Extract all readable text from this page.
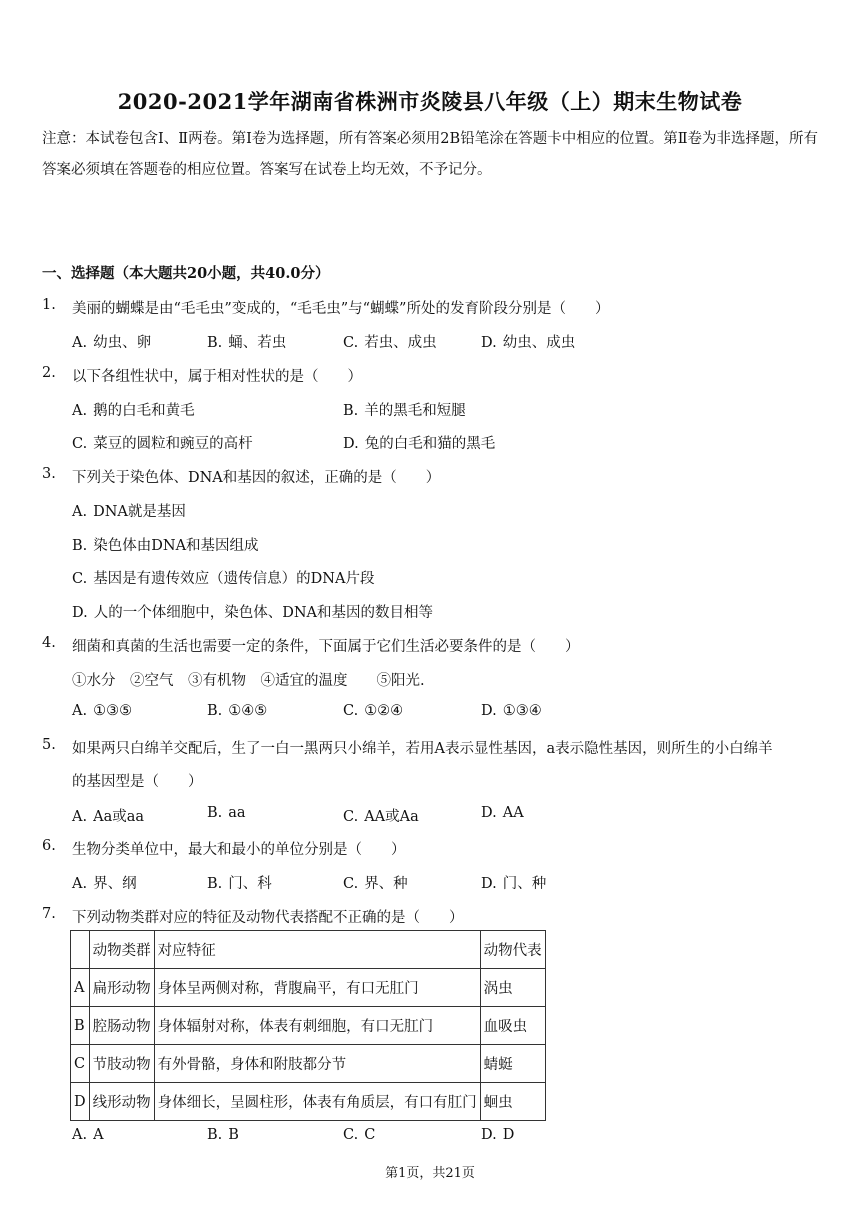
2020-2021学年湖南省株洲市炎陵县八年级（上）期末生物试卷
注意：本试卷包含Ⅰ、Ⅱ两卷。第Ⅰ卷为选择题，所有答案必须用2B铅笔涂在答题卡中相应的位置。第Ⅱ卷为非选择题，所有答案必须填在答题卷的相应位置。答案写在试卷上均无效，不予记分。
一、选择题（本大题共20小题，共40.0分）
1. 美丽的蝴蝶是由“毛毛虫”变成的，“毛毛虫”与“蝴蝶”所处的发育阶段分别是（　　）
A. 幼虫、卵	B. 蛹、若虫	C. 若虫、成虫	D. 幼虫、成虫
2. 以下各组性状中，属于相对性状的是（　　）
A. 鹅的白毛和黄毛	B. 羊的黑毛和短腿
C. 菜豆的圆粒和豌豆的高杆	D. 兔的白毛和猫的黑毛
3. 下列关于染色体、DNA和基因的叙述，正确的是（　　）
A. DNA就是基因
B. 染色体由DNA和基因组成
C. 基因是有遗传效应（遗传信息）的DNA片段
D. 人的一个体细胞中，染色体、DNA和基因的数目相等
4. 细菌和真菌的生活也需要一定的条件，下面属于它们生活必要条件的是（　　）
①水分　②空气　③有机物　④适宜的温度　　⑤阳光.
A. ①③⑤	B. ①④⑤	C. ①②④	D. ①③④
5. 如果两只白绵羊交配后，生了一白一黑两只小绵羊，若用A表示显性基因，a表示隐性基因，则所生的小白绵羊
的基因型是（　　）
A. Aa或aa	B. aa	C. AA或Aa	D. AA
6. 生物分类单位中，最大和最小的单位分别是（　　）
A. 界、纲	B. 门、科	C. 界、种	D. 门、种
7. 下列动物类群对应的特征及动物代表搭配不正确的是（　　）
	动物类群	对应特征	动物代表
A	扁形动物	身体呈两侧对称，背腹扁平，有口无肛门	涡虫
B	腔肠动物	身体辐射对称，体表有刺细胞，有口无肛门	血吸虫
C	节肢动物	有外骨骼，身体和附肢都分节	蜻蜓
D	线形动物	身体细长，呈圆柱形，体表有角质层，有口有肛门	蛔虫
A. A	B. B	C. C	D. D
第1页，共21页
